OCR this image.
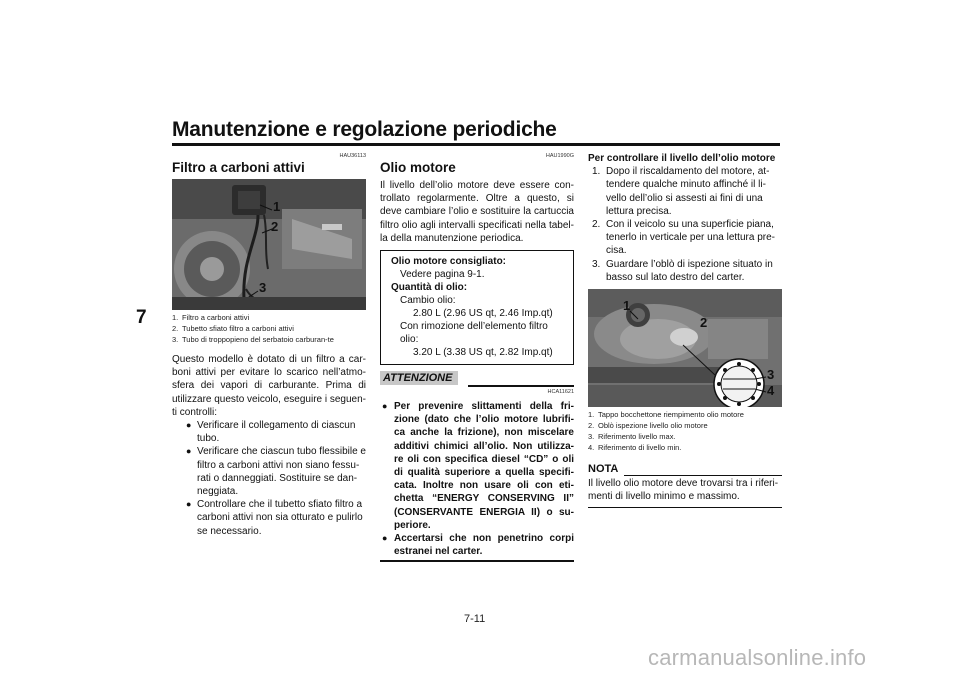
Manutenzione e regolazione periodiche
7
HAU36113
Filtro a carboni attivi
1
2
3
1. Filtro a carboni attivi
2. Tubetto sfiato filtro a carboni attivi
3. Tubo di troppopieno del serbatoio carburan-te

Questo modello è dotato di un filtro a car-boni attivi per evitare lo scarico nell’atmo-sfera dei vapori di carburante. Prima di utilizzare questo veicolo, eseguire i seguen-ti controlli:

● Verificare il collegamento di ciascun tubo.
● Verificare che ciascun tubo flessibile e filtro a carboni attivi non siano fessu-rati o danneggiati. Sostituire se dan-neggiata.
● Controllare che il tubetto sfiato filtro a carboni attivi non sia otturato e pulirlo se necessario.
HAU1990G
Olio motore

Il livello dell’olio motore deve essere con-trollato regolarmente. Oltre a questo, si deve cambiare l’olio e sostituire la cartuccia filtro olio agli intervalli specificati nella tabel-la della manutenzione periodica.

Olio motore consigliato:
Vedere pagina 9-1.
Quantità di olio:
Cambio olio:
2.80 L (2.96 US qt, 2.46 Imp.qt)
Con rimozione dell’elemento filtro
olio:
3.20 L (3.38 US qt, 2.82 Imp.qt)
ATTENZIONE
HCA11621
● Per prevenire slittamenti della fri-zione (dato che l’olio motore lubrifi-ca anche la frizione), non miscelare additivi chimici all’olio. Non utilizza-re oli con specifica diesel “CD” o oli di qualità superiore a quella specifi-cata. Inoltre non usare oli con eti-chetta “ENERGY CONSERVING II” (CONSERVANTE ENERGIA II) o su-periore.
● Accertarsi che non penetrino corpi estranei nel carter.
Per controllare il livello dell’olio motore
1. Dopo il riscaldamento del motore, at-tendere qualche minuto affinché il li-vello dell’olio si assesti ai fini di una lettura precisa.
2. Con il veicolo su una superficie piana, tenerlo in verticale per una lettura pre-cisa.
3. Guardare l’oblò di ispezione situato in basso sul lato destro del carter.
1
2
3
4
1. Tappo bocchettone riempimento olio motore
2. Oblò ispezione livello olio motore
3. Riferimento livello max.
4. Riferimento di livello min.
NOTA

Il livello olio motore deve trovarsi tra i riferi-menti di livello minimo e massimo.

7-11
carmanualsonline.info
